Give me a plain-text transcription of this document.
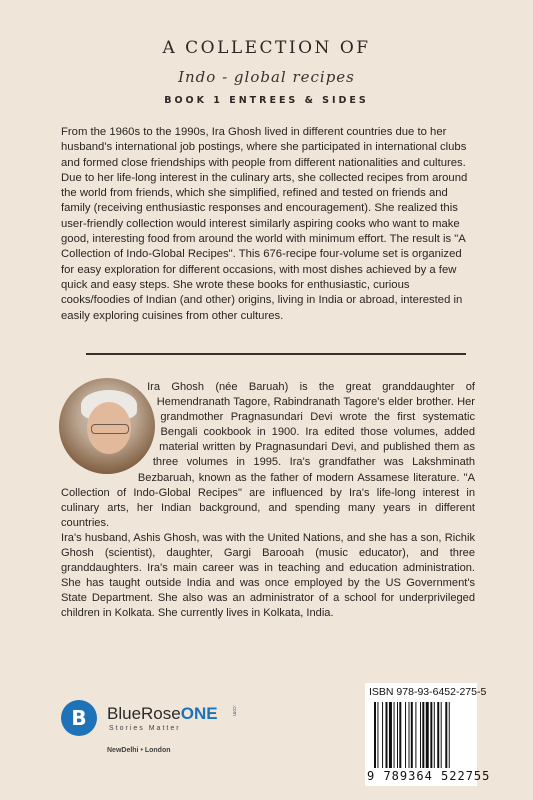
A COLLECTION OF
Indo - global recipes
BOOK 1 ENTREES & SIDES
From the 1960s to the 1990s, Ira Ghosh lived in different countries due to her husband's international job postings, where she participated in international clubs and formed close friendships with people from different nationalities and cultures. Due to her life-long interest in the culinary arts, she collected recipes from around the world from friends, which she simplified, refined and tested on friends and family (receiving enthusiastic responses and encouragement). She realized this user-friendly collection would interest similarly aspiring cooks who want to make good, interesting food from around the world with minimum effort. The result is "A Collection of Indo-Global Recipes". This 676-recipe four-volume set is organized for easy exploration for different occasions, with most dishes achieved by a few quick and easy steps. She wrote these books for enthusiastic, curious cooks/foodies of Indian (and other) origins, living in India or abroad, interested in easily exploring cuisines from other cultures.

Ira Ghosh (née Baruah) is the great granddaughter of Hemendranath Tagore, Rabindranath Tagore's elder brother. Her grandmother Pragnasundari Devi wrote the first systematic Bengali cookbook in 1900. Ira edited those volumes, added material written by Pragnasundari Devi, and published them as three volumes in 1995. Ira's grandfather was Lakshminath Bezbaruah, known as the father of modern Assamese literature. "A Collection of Indo-Global Recipes" are influenced by Ira's life-long interest in culinary arts, her Indian background, and spending many years in different countries.

Ira's husband, Ashis Ghosh, was with the United Nations, and she has a son, Richik Ghosh (scientist), daughter, Gargi Barooah (music educator), and three granddaughters. Ira's main career was in teaching and education administration. She has taught outside India and was once employed by the US Government's State Department. She also was an administrator of a school for underprivileged children in Kolkata. She currently lives in Kolkata, India.

B	BlueRoseONE	.com
Stories Matter
NewDelhi • London
ISBN 978-93-6452-275-5
9 789364 522755
